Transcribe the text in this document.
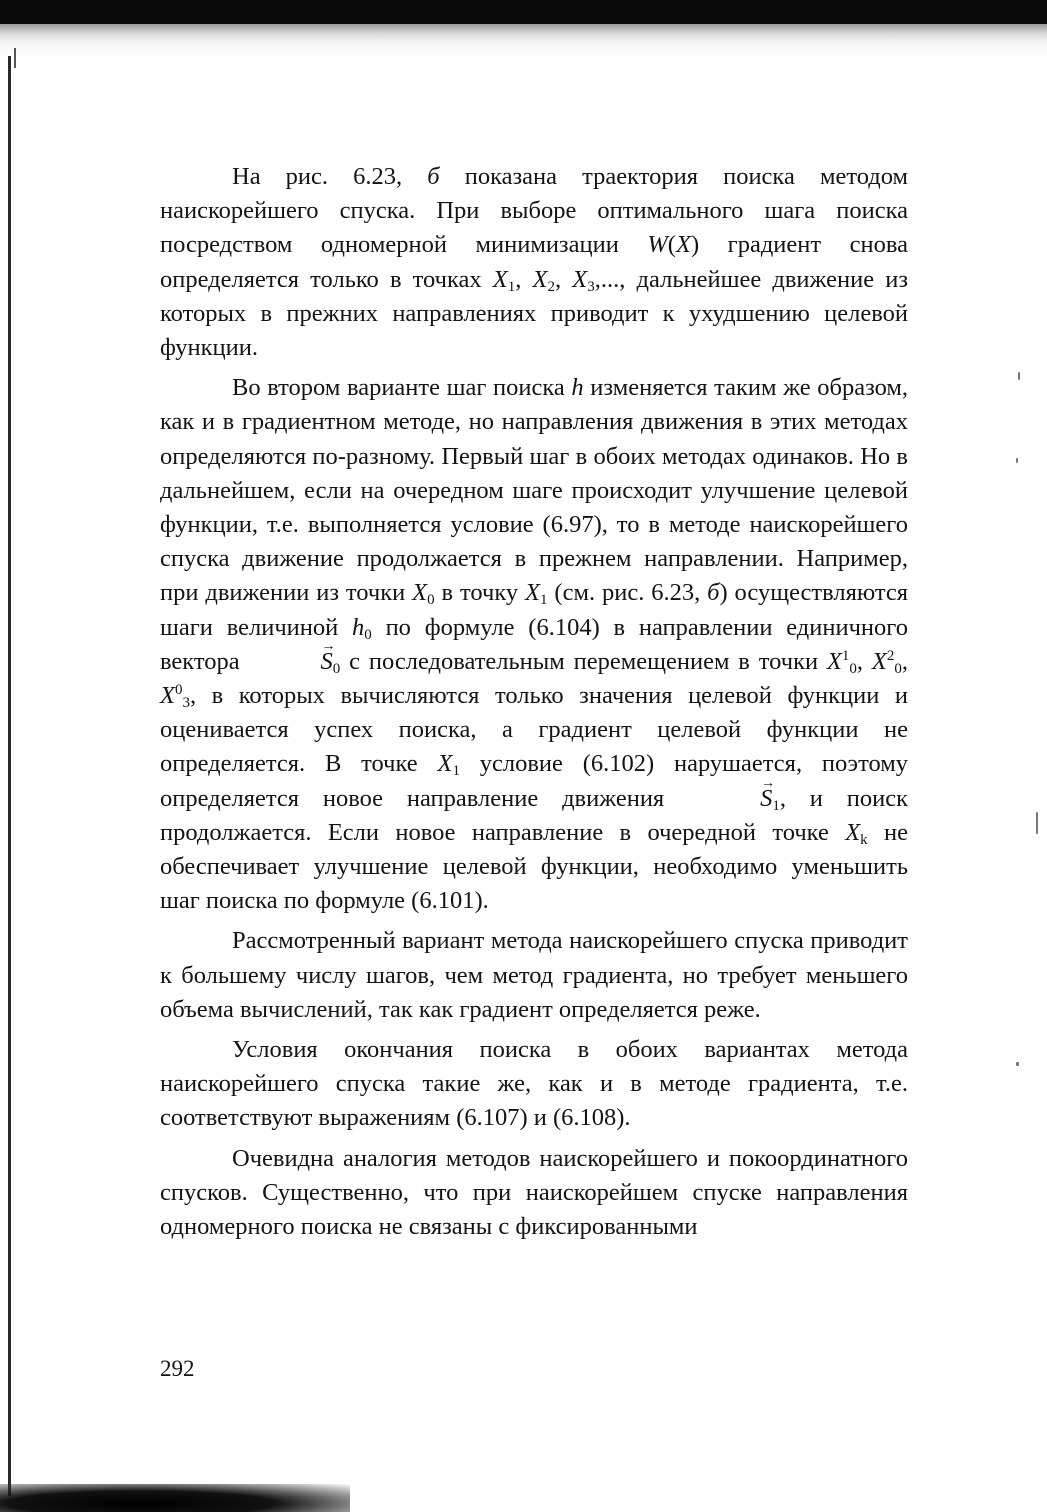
На рис. 6.23, б показана траектория поиска методом наискорейшего спуска. При выборе оптимального шага поиска посредством одномерной минимизации W(X) градиент снова определяется только в точках $X_1$, $X_2$, $X_3$,..., дальнейшее движение из которых в прежних направлениях приводит к ухудшению целевой функции.

Во втором варианте шаг поиска h изменяется таким же образом, как и в градиентном методе, но направления движения в этих методах определяются по-разному. Первый шаг в обоих методах одинаков. Но в дальнейшем, если на очередном шаге происходит улучшение целевой функции, т.е. выполняется условие (6.97), то в методе наискорейшего спуска движение продолжается в прежнем направлении. Например, при движении из точки $X_0$ в точку $X_1$ (см. рис. 6.23, б) осуществляются шаги величиной $h_0$ по формуле (6.104) в направлении единичного вектора	→ $S_0$ с последовательным перемещением в точки $X^1_0$, $X^2_0$, $X^0_3$, в которых вычисляются только значения целевой функции и оценивается успех поиска, а градиент целевой функции не определяется. В точке $X_1$ условие (6.102) нарушается, поэтому определяется новое направление движения	→ $S_1$, и поиск продолжается. Если новое направление в очередной точке $X_k$ не обеспечивает улучшение целевой функции, необходимо уменьшить шаг поиска по формуле (6.101).

Рассмотренный вариант метода наискорейшего спуска приводит к большему числу шагов, чем метод градиента, но требует меньшего объема вычислений, так как градиент определяется реже.

Условия окончания поиска в обоих вариантах метода наискорейшего спуска такие же, как и в методе градиента, т.е. соответствуют выражениям (6.107) и (6.108).

Очевидна аналогия методов наискорейшего и покоординатного спусков. Существенно, что при наискорейшем спуске направления одномерного поиска не связаны с фиксированными

292
